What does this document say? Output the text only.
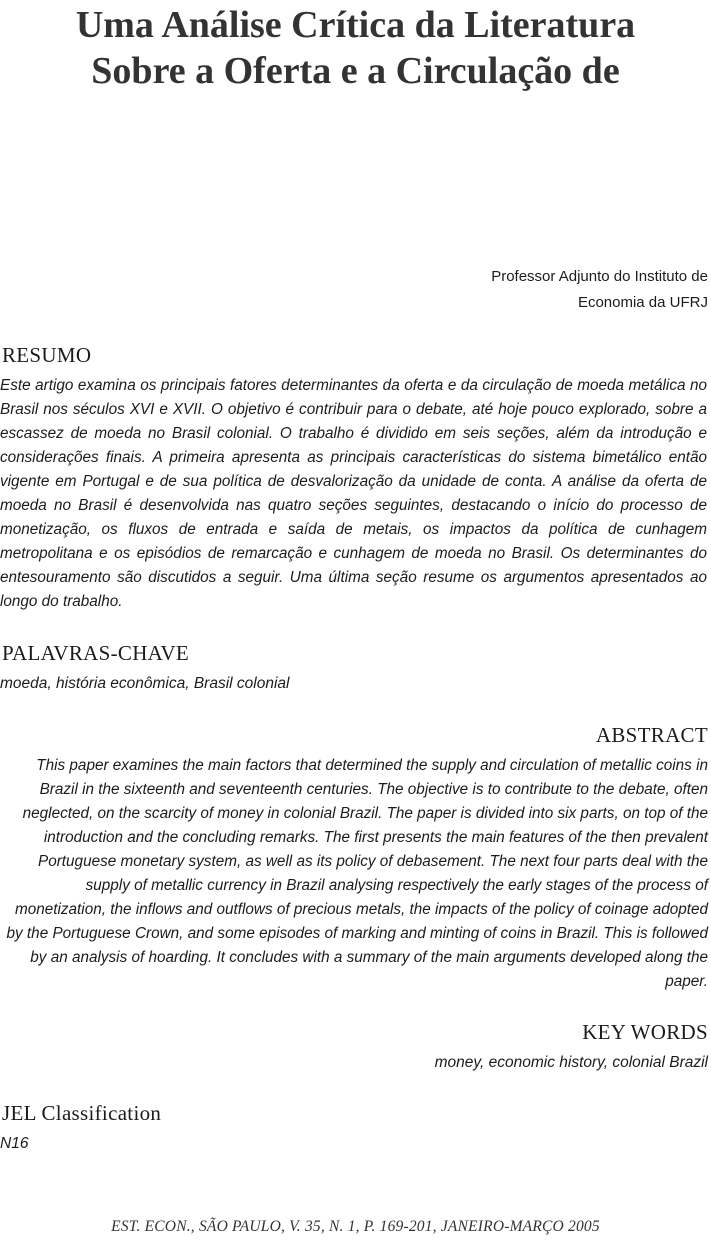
Uma Análise Crítica da Literatura
Sobre a Oferta e a Circulação de
Professor Adjunto do Instituto de
Economia da UFRJ
RESUMO

Este artigo examina os principais fatores determinantes da oferta e da circulação de moeda metálica no Brasil nos séculos XVI e XVII. O objetivo é contribuir para o debate, até hoje pouco explorado, sobre a escassez de moeda no Brasil colonial. O trabalho é dividido em seis seções, além da introdução e considerações finais. A primeira apresenta as principais características do sistema bimetálico então vigente em Portugal e de sua política de desvalorização da unidade de conta. A análise da oferta de moeda no Brasil é desenvolvida nas quatro seções seguintes, destacando o início do processo de monetização, os fluxos de entrada e saída de metais, os impactos da política de cunhagem metropolitana e os episódios de remarcação e cunhagem de moeda no Brasil. Os determinantes do entesouramento são discutidos a seguir. Uma última seção resume os argumentos apresentados ao longo do trabalho.

PALAVRAS-CHAVE

moeda, história econômica, Brasil colonial

ABSTRACT

This paper examines the main factors that determined the supply and circulation of metallic coins in Brazil in the sixteenth and seventeenth centuries. The objective is to contribute to the debate, often neglected, on the scarcity of money in colonial Brazil. The paper is divided into six parts, on top of the introduction and the concluding remarks. The first presents the main features of the then prevalent Portuguese monetary system, as well as its policy of debasement. The next four parts deal with the supply of metallic currency in Brazil analysing respectively the early stages of the process of monetization, the inflows and outflows of precious metals, the impacts of the policy of coinage adopted by the Portuguese Crown, and some episodes of marking and minting of coins in Brazil. This is followed by an analysis of hoarding. It concludes with a summary of the main arguments developed along the paper.

KEY WORDS

money, economic history, colonial Brazil

JEL Classification

N16

EST. ECON., SÃO PAULO, V. 35, N. 1, P. 169-201, JANEIRO-MARÇO 2005
